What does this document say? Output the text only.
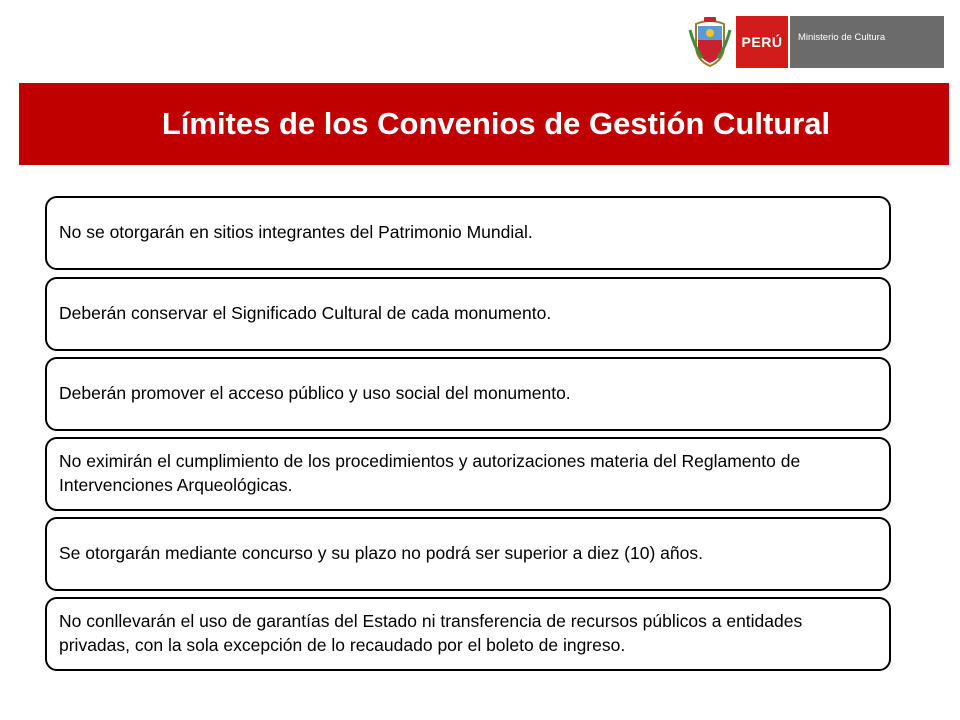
PERÚ	Ministerio de Cultura
Límites de los Convenios de Gestión Cultural
No se otorgarán en sitios integrantes del Patrimonio Mundial.
Deberán conservar el Significado Cultural de cada monumento.
Deberán promover el acceso público y uso social del monumento.
No eximirán el cumplimiento de los procedimientos y autorizaciones materia del Reglamento de Intervenciones Arqueológicas.
Se otorgarán mediante concurso y su plazo no podrá ser superior a diez (10) años.
No conllevarán el uso de garantías del Estado ni transferencia de recursos públicos a entidades privadas, con la sola excepción de lo recaudado por el boleto de ingreso.
